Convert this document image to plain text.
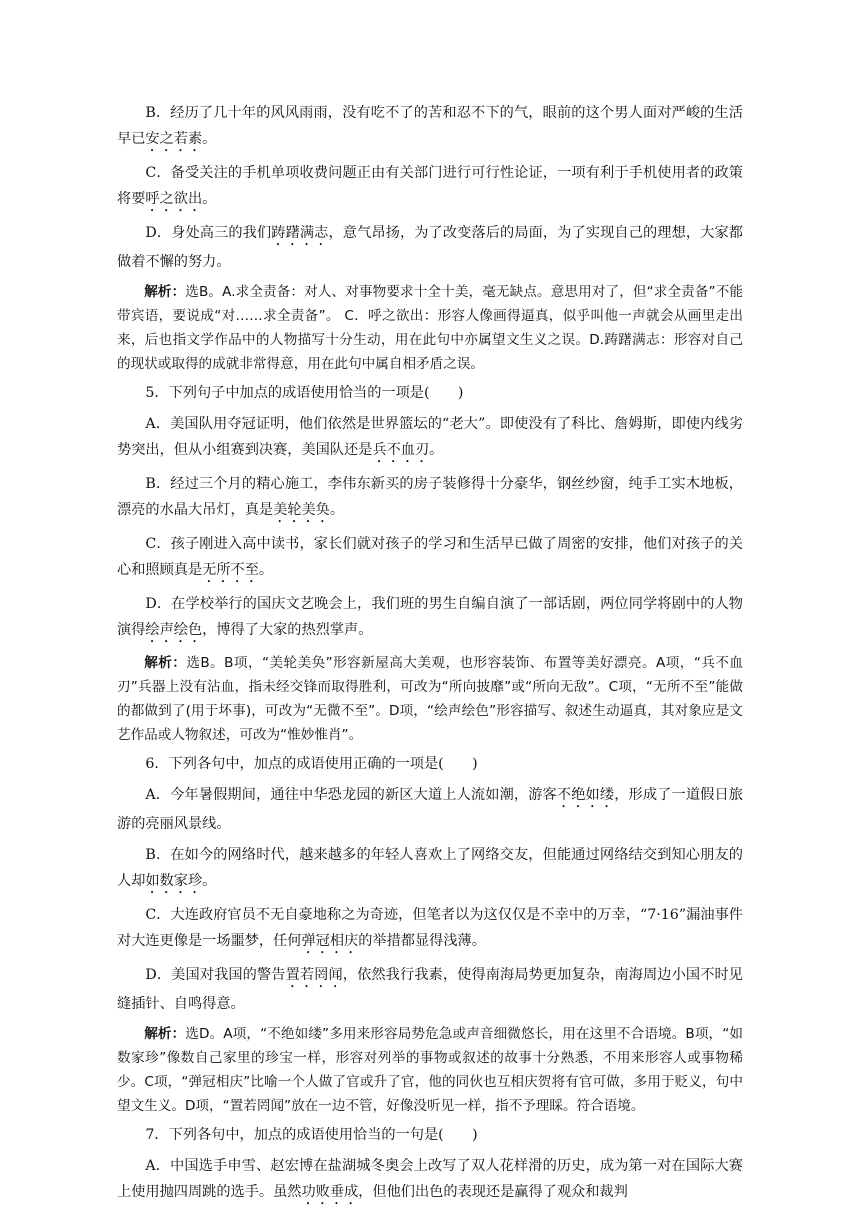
B．经历了几十年的风风雨雨，没有吃不了的苦和忍不下的气，眼前的这个男人面对严峻的生活早已安之若素。

C．备受关注的手机单项收费问题正由有关部门进行可行性论证，一项有利于手机使用者的政策将要呼之欲出。

D．身处高三的我们踌躇满志，意气昂扬，为了改变落后的局面，为了实现自己的理想，大家都做着不懈的努力。

解析：选B。A.求全责备：对人、对事物要求十全十美，毫无缺点。意思用对了，但“求全责备”不能带宾语，要说成“对……求全责备”。 C．呼之欲出：形容人像画得逼真，似乎叫他一声就会从画里走出来，后也指文学作品中的人物描写十分生动，用在此句中亦属望文生义之误。D.踌躇满志：形容对自己的现状或取得的成就非常得意，用在此句中属自相矛盾之误。

5．下列句子中加点的成语使用恰当的一项是(　　)

A．美国队用夺冠证明，他们依然是世界篮坛的“老大”。即使没有了科比、詹姆斯，即使内线劣势突出，但从小组赛到决赛，美国队还是兵不血刃。

B．经过三个月的精心施工，李伟东新买的房子装修得十分豪华，钢丝纱窗，纯手工实木地板，漂亮的水晶大吊灯，真是美轮美奂。

C．孩子刚进入高中读书，家长们就对孩子的学习和生活早已做了周密的安排，他们对孩子的关心和照顾真是无所不至。

D．在学校举行的国庆文艺晚会上，我们班的男生自编自演了一部话剧，两位同学将剧中的人物演得绘声绘色，博得了大家的热烈掌声。

解析：选B。B项，“美轮美奂”形容新屋高大美观，也形容装饰、布置等美好漂亮。A项，“兵不血刃”兵器上没有沾血，指未经交锋而取得胜利，可改为“所向披靡”或“所向无敌”。C项，“无所不至”能做的都做到了(用于坏事)，可改为“无微不至”。D项，“绘声绘色”形容描写、叙述生动逼真，其对象应是文艺作品或人物叙述，可改为“惟妙惟肖”。

6．下列各句中，加点的成语使用正确的一项是(　　)

A．今年暑假期间，通往中华恐龙园的新区大道上人流如潮，游客不绝如缕，形成了一道假日旅游的亮丽风景线。

B．在如今的网络时代，越来越多的年轻人喜欢上了网络交友，但能通过网络结交到知心朋友的人却如数家珍。

C．大连政府官员不无自豪地称之为奇迹，但笔者以为这仅仅是不幸中的万幸，“7·16”漏油事件对大连更像是一场噩梦，任何弹冠相庆的举措都显得浅薄。

D．美国对我国的警告置若罔闻，依然我行我素，使得南海局势更加复杂，南海周边小国不时见缝插针、自鸣得意。

解析：选D。A项，“不绝如缕”多用来形容局势危急或声音细微悠长，用在这里不合语境。B项，“如数家珍”像数自己家里的珍宝一样，形容对列举的事物或叙述的故事十分熟悉，不用来形容人或事物稀少。C项，“弹冠相庆”比喻一个人做了官或升了官，他的同伙也互相庆贺将有官可做，多用于贬义，句中望文生义。D项，“置若罔闻”放在一边不管，好像没听见一样，指不予理睬。符合语境。

7．下列各句中，加点的成语使用恰当的一句是(　　)

A．中国选手申雪、赵宏博在盐湖城冬奥会上改写了双人花样滑的历史，成为第一对在国际大赛上使用抛四周跳的选手。虽然功败垂成，但他们出色的表现还是赢得了观众和裁判
